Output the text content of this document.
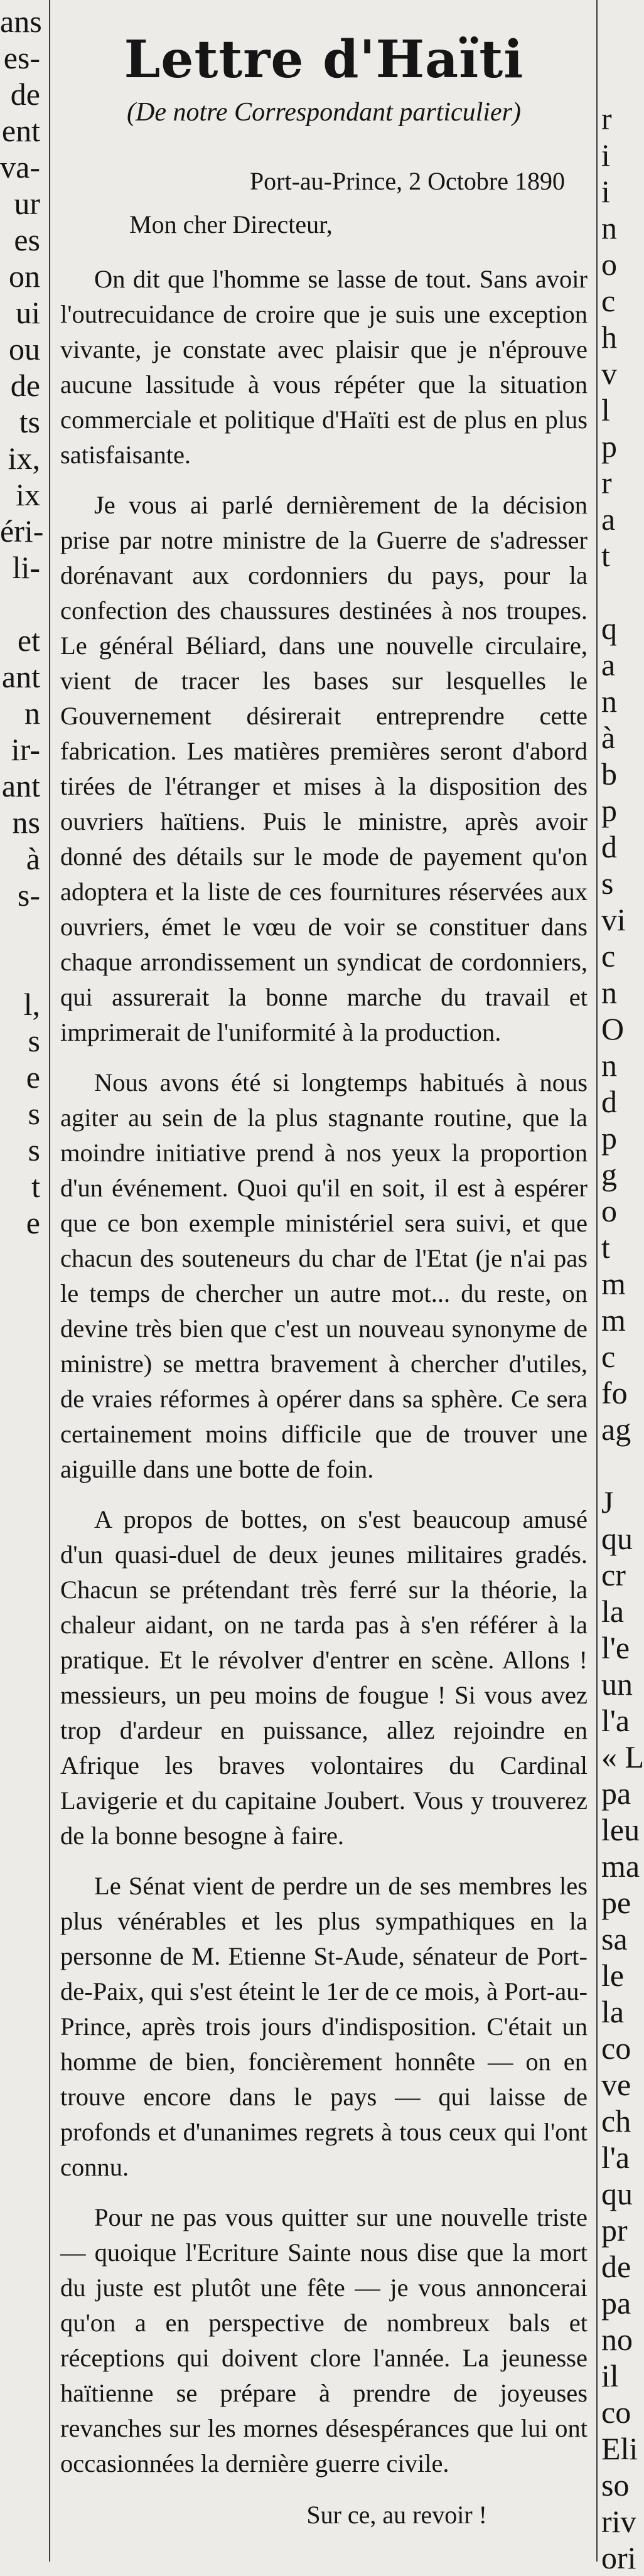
ans
es-
de
ent
va-
ur
es
on
ui
ou
de
ts
ix,
ix
éri-
li-

et
ant
n
ir-
ant
ns
à
s-

l,
s
e
s
s
t
e

Lettre d'Haïti
(De notre Correspondant particulier)
Port-au-Prince, 2 Octobre 1890
Mon cher Directeur,

On dit que l'homme se lasse de tout. Sans avoir l'outrecuidance de croire que je suis une exception vivante, je constate avec plaisir que je n'éprouve aucune lassitude à vous répéter que la situation commerciale et politique d'Haïti est de plus en plus satisfaisante.

Je vous ai parlé dernièrement de la décision prise par notre ministre de la Guerre de s'adresser dorénavant aux cordonniers du pays, pour la confection des chaussures destinées à nos troupes. Le général Béliard, dans une nouvelle circulaire, vient de tracer les bases sur lesquelles le Gouvernement désirerait entreprendre cette fabrication. Les matières premières seront d'abord tirées de l'étranger et mises à la disposition des ouvriers haïtiens. Puis le ministre, après avoir donné des détails sur le mode de payement qu'on adoptera et la liste de ces fournitures réservées aux ouvriers, émet le vœu de voir se constituer dans chaque arrondissement un syndicat de cordonniers, qui assurerait la bonne marche du travail et imprimerait de l'uniformité à la production.

Nous avons été si longtemps habitués à nous agiter au sein de la plus stagnante routine, que la moindre initiative prend à nos yeux la proportion d'un événement. Quoi qu'il en soit, il est à espérer que ce bon exemple ministériel sera suivi, et que chacun des souteneurs du char de l'Etat (je n'ai pas le temps de chercher un autre mot... du reste, on devine très bien que c'est un nouveau synonyme de ministre) se mettra bravement à chercher d'utiles, de vraies réformes à opérer dans sa sphère. Ce sera certainement moins difficile que de trouver une aiguille dans une botte de foin.

A propos de bottes, on s'est beaucoup amusé d'un quasi-duel de deux jeunes militaires gradés. Chacun se prétendant très ferré sur la théorie, la chaleur aidant, on ne tarda pas à s'en référer à la pratique. Et le révolver d'entrer en scène. Allons ! messieurs, un peu moins de fougue ! Si vous avez trop d'ardeur en puissance, allez rejoindre en Afrique les braves volontaires du Cardinal Lavigerie et du capitaine Joubert. Vous y trouverez de la bonne besogne à faire.

Le Sénat vient de perdre un de ses membres les plus vénérables et les plus sympathiques en la personne de M. Etienne St-Aude, sénateur de Port-de-Paix, qui s'est éteint le 1er de ce mois, à Port-au-Prince, après trois jours d'indisposition. C'était un homme de bien, foncièrement honnête — on en trouve encore dans le pays — qui laisse de profonds et d'unanimes regrets à tous ceux qui l'ont connu.

Pour ne pas vous quitter sur une nouvelle triste — quoique l'Ecriture Sainte nous dise que la mort du juste est plutôt une fête — je vous annoncerai qu'on a en perspective de nombreux bals et réceptions qui doivent clore l'année. La jeunesse haïtienne se prépare à prendre de joyeuses revanches sur les mornes désespérances que lui ont occasionnées la dernière guerre civile.

Sur ce, au revoir !
r
i
i
n
o
c
h
v
l
p
r
a
t

q
a
n
à
b
p
d
s
vi
c
n
O
n
d
p
g
o
t
m
m
c
fo
ag

J
qu
cr
la
l'e
un
l'a
« L
pa
leu
ma
pe
sa
le
la
co
ve
ch
l'a
qu
pr
de
pa
no
il
co
Eli
so
riv
ori
